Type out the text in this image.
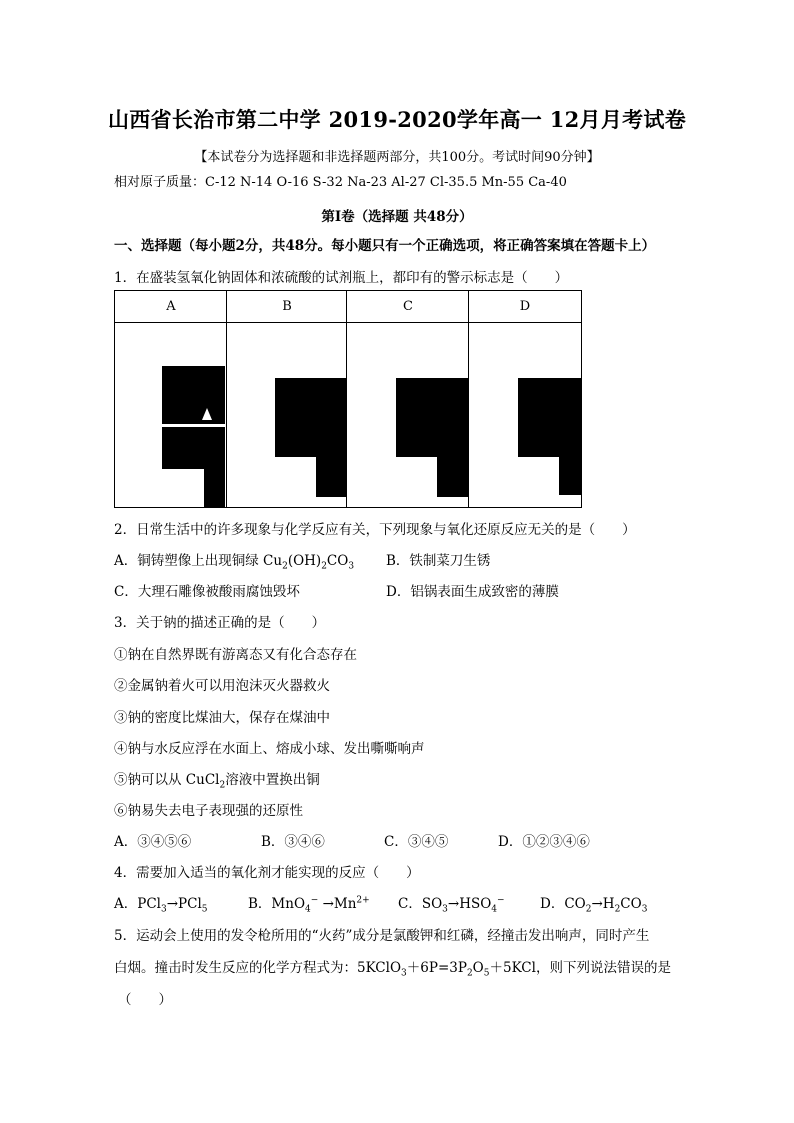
山西省长治市第二中学 2019-2020学年高一 12月月考试卷
【本试卷分为选择题和非选择题两部分，共100分。考试时间90分钟】
相对原子质量：C-12 N-14 O-16 S-32 Na-23 Al-27 Cl-35.5 Mn-55 Ca-40
第Ⅰ卷（选择题 共48分）
一、选择题（每小题2分，共48分。每小题只有一个正确选项，将正确答案填在答题卡上）
1．在盛装氢氧化钠固体和浓硫酸的试剂瓶上，都印有的警示标志是（　　）
A	B	C	D
2．日常生活中的许多现象与化学反应有关，下列现象与氧化还原反应无关的是（　　）
A．铜铸塑像上出现铜绿 $Cu_2(OH)_2CO_3$ B．铁制菜刀生锈
C．大理石雕像被酸雨腐蚀毁坏	D．铝锅表面生成致密的薄膜
3．关于钠的描述正确的是（　　）
①钠在自然界既有游离态又有化合态存在
②金属钠着火可以用泡沫灭火器救火
③钠的密度比煤油大，保存在煤油中
④钠与水反应浮在水面上、熔成小球、发出嘶嘶响声
⑤钠可以从 CuCl$_2$溶液中置换出铜
⑥钠易失去电子表现强的还原性
A．③④⑤⑥	B．③④⑥	C．③④⑤	D．①②③④⑥
4．需要加入适当的氧化剂才能实现的反应（　　）
A．PCl$_3$→PCl$_5$	B．$MnO_4^- \to Mn^{2+}$ C．$SO_3\to HSO_4^-$	D．$CO_2\to H_2CO_3$
5．运动会上使用的发令枪所用的“火药”成分是氯酸钾和红磷，经撞击发出响声，同时产生
白烟。撞击时发生反应的化学方程式为：$5KClO_3+6P=3P_2O_5+5KCl$，则下列说法错误的是
（　　）
